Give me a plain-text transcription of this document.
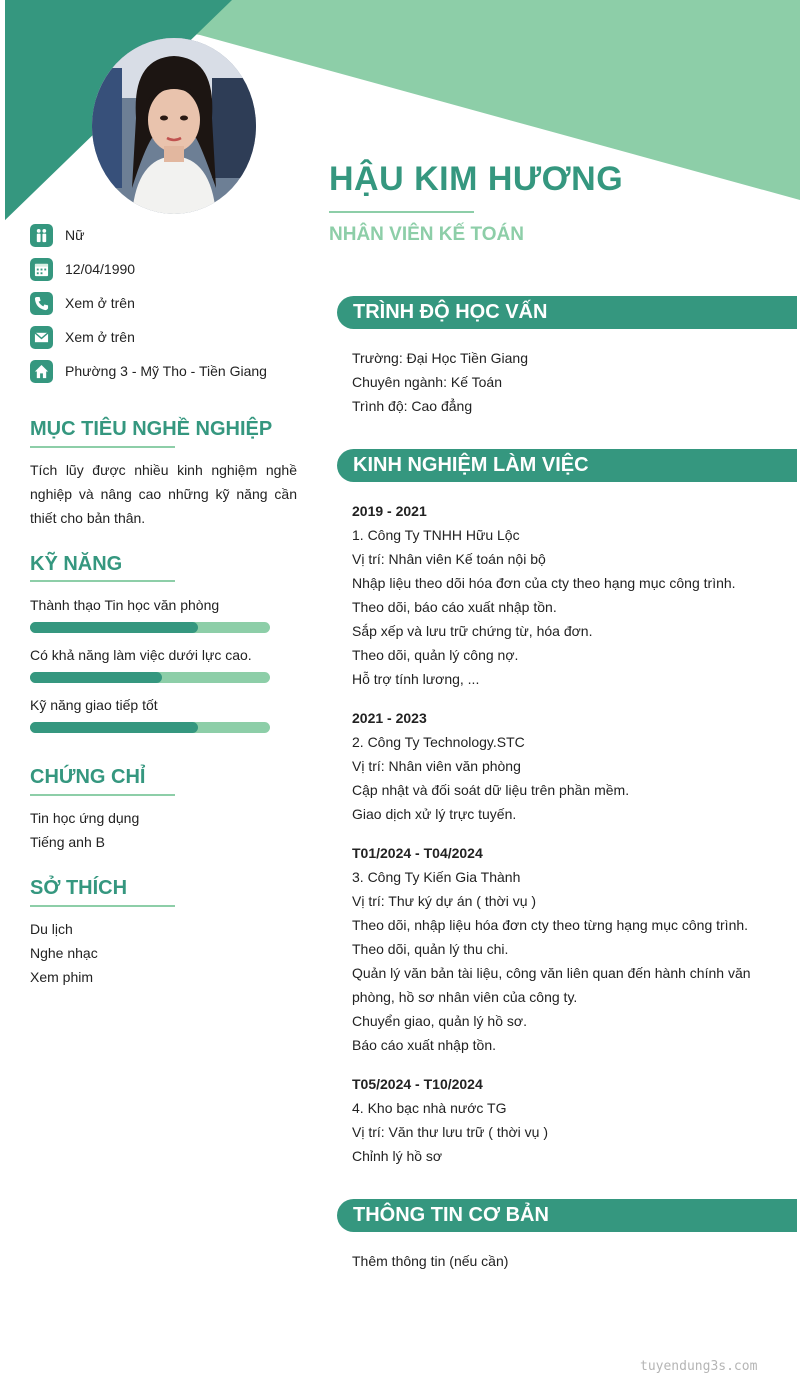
HẬU KIM HƯƠNG
NHÂN VIÊN KẾ TOÁN
Nữ
12/04/1990
Xem ở trên
Xem ở trên
Phường 3 - Mỹ Tho - Tiền Giang
MỤC TIÊU NGHỀ NGHIỆP
Tích lũy được nhiều kinh nghiệm nghề nghiệp và nâng cao những kỹ năng cần thiết cho bản thân.
KỸ NĂNG
Thành thạo Tin học văn phòng
Có khả năng làm việc dưới lực cao.
Kỹ năng giao tiếp tốt
CHỨNG CHỈ
Tin học ứng dụng
Tiếng anh B
SỞ THÍCH
Du lịch
Nghe nhạc
Xem phim
TRÌNH ĐỘ HỌC VẤN
Trường: Đại Học Tiền Giang
Chuyên ngành: Kế Toán
Trình độ: Cao đẳng
KINH NGHIỆM LÀM VIỆC
2019 - 2021
1. Công Ty TNHH Hữu Lộc
Vị trí: Nhân viên Kế toán nội bộ
Nhập liệu theo dõi hóa đơn của cty theo hạng mục công trình.
Theo dõi, báo cáo xuất nhập tồn.
Sắp xếp và lưu trữ chứng từ, hóa đơn.
Theo dõi, quản lý công nợ.
Hỗ trợ tính lương, ...
2021 - 2023
2. Công Ty Technology.STC
Vị trí: Nhân viên văn phòng
Cập nhật và đối soát dữ liệu trên phần mềm.
Giao dịch xử lý trực tuyến.
T01/2024 - T04/2024
3. Công Ty Kiến Gia Thành
Vị trí: Thư ký dự án ( thời vụ )
Theo dõi, nhập liệu hóa đơn cty theo từng hạng mục công trình.
Theo dõi, quản lý thu chi.
Quản lý văn bản tài liệu, công văn liên quan đến hành chính văn
phòng, hồ sơ nhân viên của công ty.
Chuyển giao, quản lý hồ sơ.
Báo cáo xuất nhập tồn.
T05/2024 - T10/2024
4. Kho bạc nhà nước TG
Vị trí: Văn thư lưu trữ ( thời vụ )
Chỉnh lý hồ sơ
THÔNG TIN CƠ BẢN
Thêm thông tin (nếu cần)
tuyendung3s.com
